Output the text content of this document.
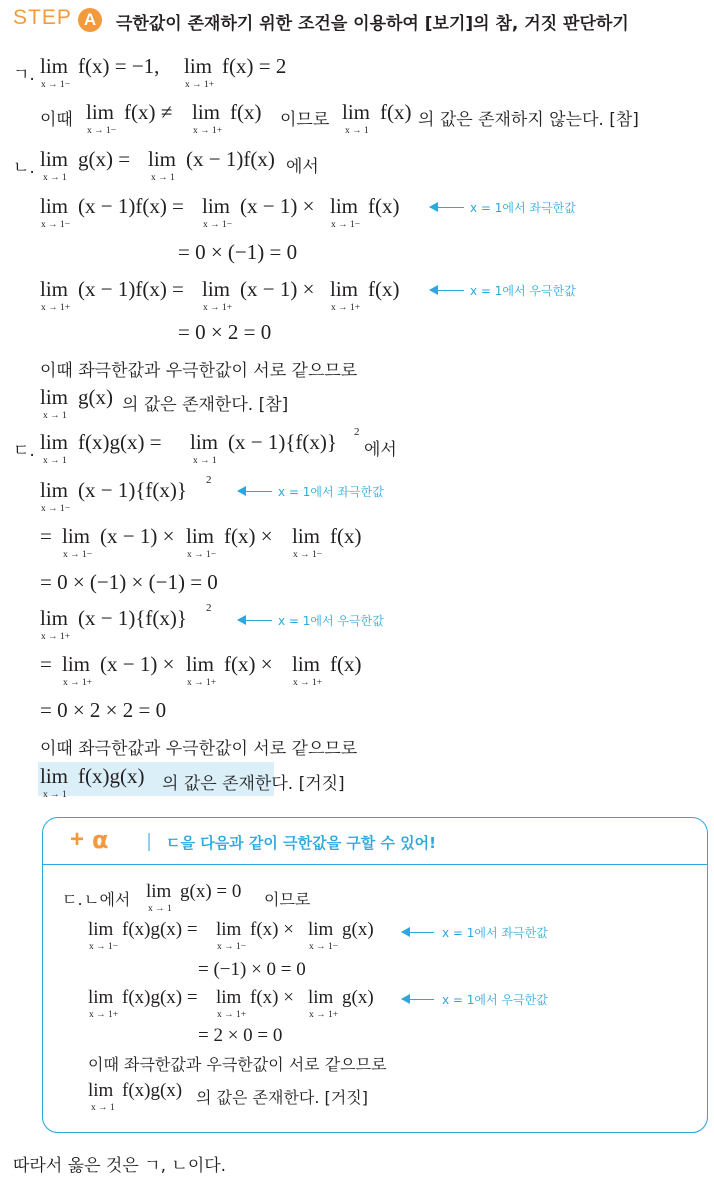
STEP A	극한값이 존재하기 위한 조건을 이용하여 [보기]의 참, 거짓 판단하기
ㄱ. lim f(x) = −1,
x → 1−
lim f(x) = 2
x → 1+
이때 lim f(x) ≠
x → 1−
lim f(x)
x → 1+
이므로 lim f(x)
x → 1
의 값은 존재하지 않는다. [참]
ㄴ. lim g(x) =
x → 1
lim (x − 1)f(x)
x → 1
에서
lim (x − 1)f(x) =
x → 1−
lim (x − 1) ×
x → 1−
lim f(x)
x → 1−
x = 1에서 좌극한값
= 0 × (−1) = 0
lim (x − 1)f(x) =
x → 1+
lim (x − 1) ×
x → 1+
lim f(x)
x → 1+
x = 1에서 우극한값
= 0 × 2 = 0
이때 좌극한값과 우극한값이 서로 같으므로
lim g(x)
x → 1
의 값은 존재한다. [참]
ㄷ. lim f(x)g(x) =
x → 1
lim (x − 1){f(x)} 2
x → 1
에서
lim (x − 1){f(x)} 2
x → 1−
x = 1에서 좌극한값
= lim (x − 1) ×
x → 1−
lim f(x) ×
x → 1−
lim f(x)
x → 1−
= 0 × (−1) × (−1) = 0
lim (x − 1){f(x)} 2
x → 1+
x = 1에서 우극한값
= lim (x − 1) ×
x → 1+
lim f(x) ×
x → 1+
lim f(x)
x → 1+
= 0 × 2 × 2 = 0
이때 좌극한값과 우극한값이 서로 같으므로
lim f(x)g(x)
x → 1
의 값은 존재한다. [거짓]
+ α	ㄷ을 다음과 같이 극한값을 구할 수 있어!
ㄷ. ㄴ에서 lim g(x) = 0
x → 1	이므로
lim f(x)g(x) =
x → 1−
lim f(x) ×
x → 1−
lim g(x)
x → 1−
x = 1에서 좌극한값
= (−1) × 0 = 0
lim f(x)g(x) =
x → 1+
lim f(x) ×
x → 1+
lim g(x)
x → 1+
x = 1에서 우극한값
= 2 × 0 = 0
이때 좌극한값과 우극한값이 서로 같으므로
lim f(x)g(x)
x → 1
의 값은 존재한다. [거짓]
따라서 옳은 것은 ㄱ, ㄴ이다.
